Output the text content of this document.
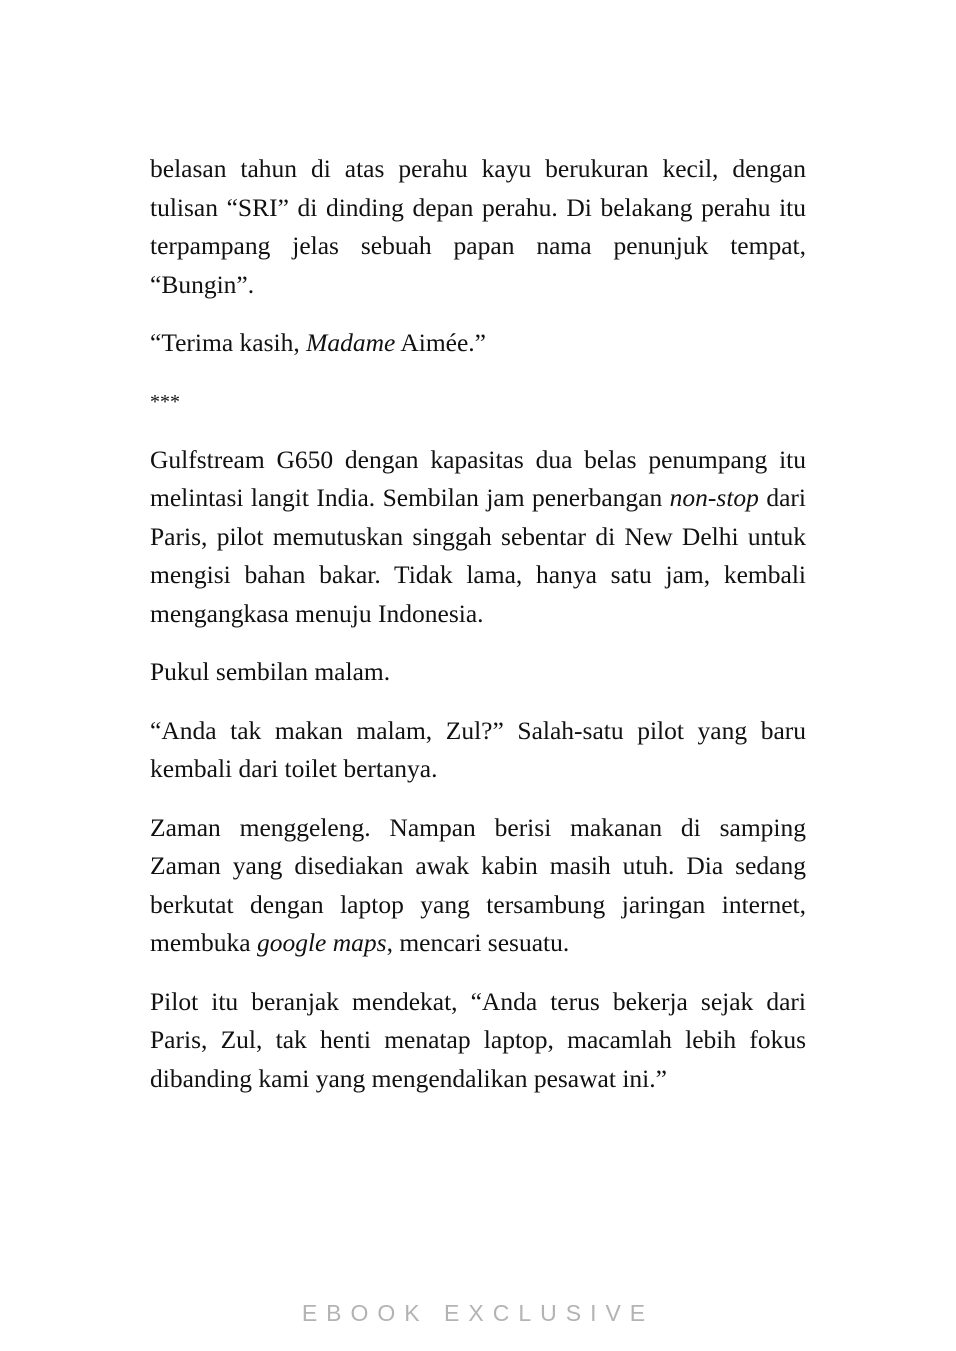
belasan tahun di atas perahu kayu berukuran kecil, dengan tulisan “SRI” di dinding depan perahu. Di belakang perahu itu terpampang jelas sebuah papan nama penunjuk tempat, “Bungin”.

“Terima kasih, Madame Aimée.”

***

Gulfstream G650 dengan kapasitas dua belas penumpang itu melintasi langit India. Sembilan jam penerbangan non-stop dari Paris, pilot memutuskan singgah sebentar di New Delhi untuk mengisi bahan bakar. Tidak lama, hanya satu jam, kembali mengangkasa menuju Indonesia.

Pukul sembilan malam.

“Anda tak makan malam, Zul?” Salah-satu pilot yang baru kembali dari toilet bertanya.

Zaman menggeleng. Nampan berisi makanan di samping Zaman yang disediakan awak kabin masih utuh. Dia sedang berkutat dengan laptop yang tersambung jaringan internet, membuka google maps, mencari sesuatu.

Pilot itu beranjak mendekat, “Anda terus bekerja sejak dari Paris, Zul, tak henti menatap laptop, macamlah lebih fokus dibanding kami yang mengendalikan pesawat ini.”

EBOOK EXCLUSIVE
